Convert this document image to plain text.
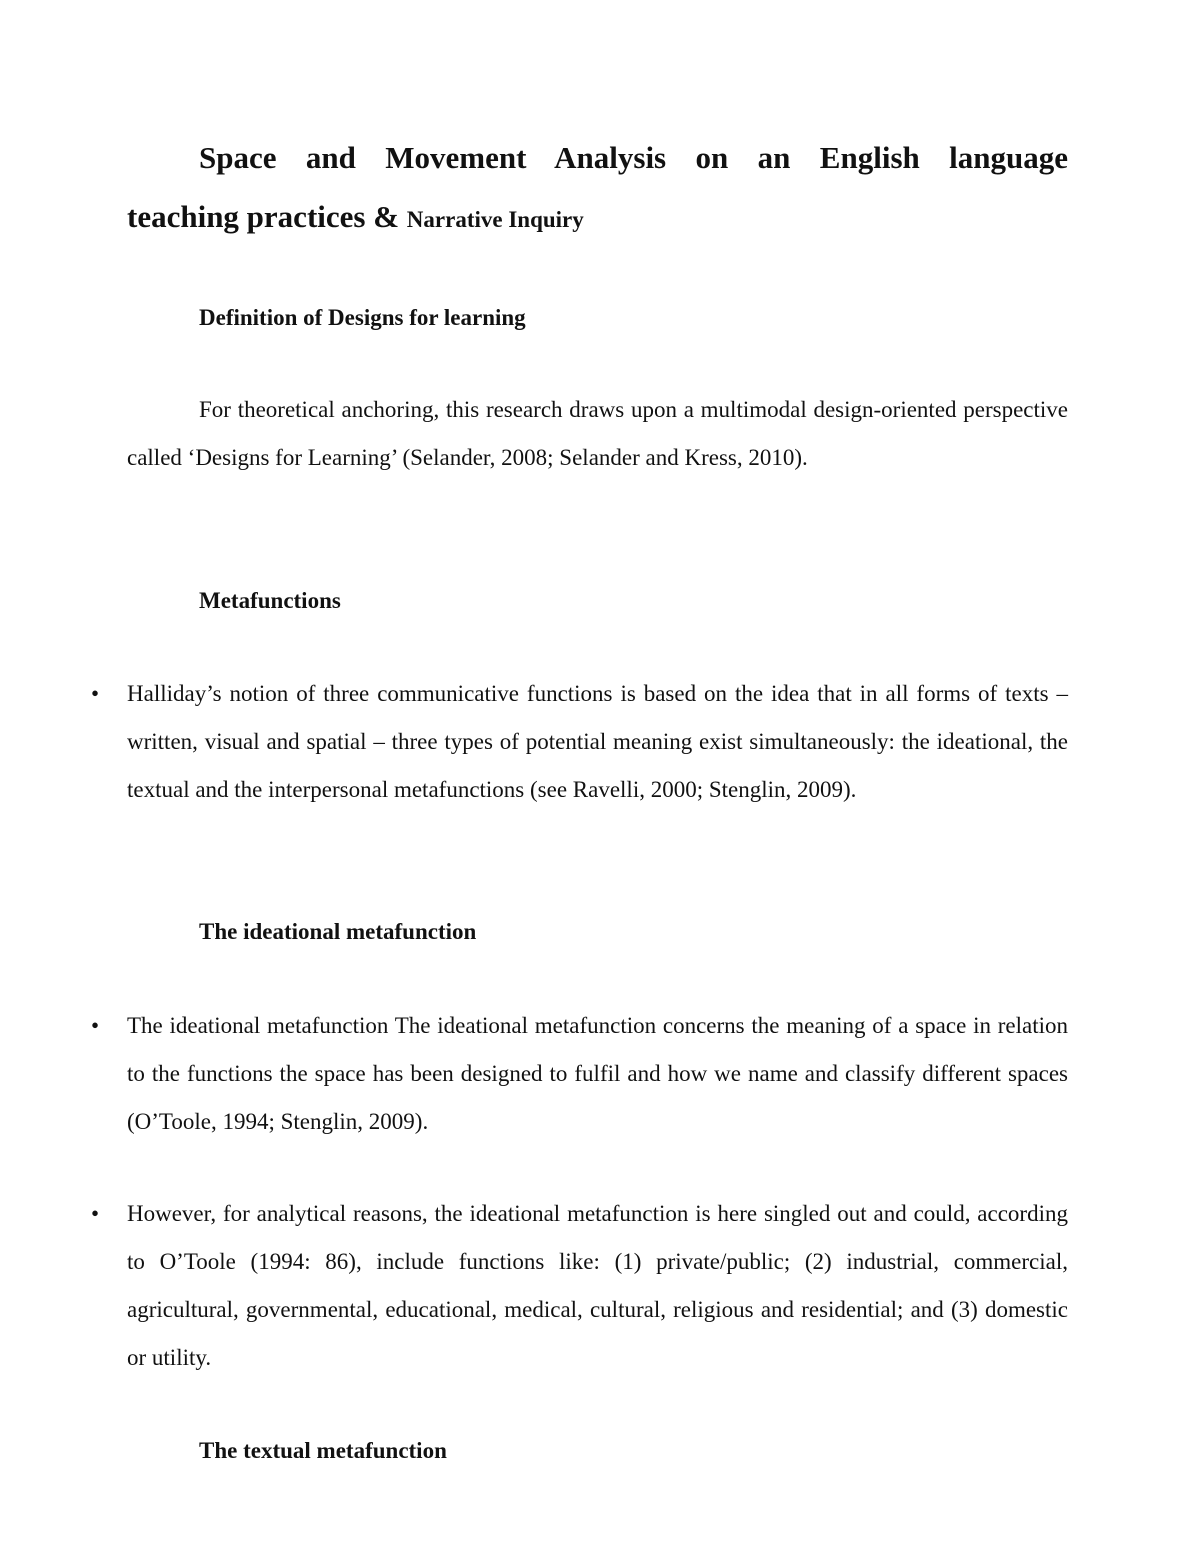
Space and Movement Analysis on an English language
teaching practices & Narrative Inquiry
Definition of Designs for learning
For theoretical anchoring, this research draws upon a multimodal design-oriented perspective called ‘Designs for Learning’ (Selander, 2008; Selander and Kress, 2010).
Metafunctions
• Halliday’s notion of three communicative functions is based on the idea that in all forms of texts – written, visual and spatial – three types of potential meaning exist simultaneously: the ideational, the textual and the interpersonal metafunctions (see Ravelli, 2000; Stenglin, 2009).
The ideational metafunction
• The ideational metafunction The ideational metafunction concerns the meaning of a space in relation to the functions the space has been designed to fulfil and how we name and classify different spaces (O’Toole, 1994; Stenglin, 2009).
• However, for analytical reasons, the ideational metafunction is here singled out and could, according to O’Toole (1994: 86), include functions like: (1) private/public; (2) industrial, commercial, agricultural, governmental, educational, medical, cultural, religious and residential; and (3) domestic or utility.
The textual metafunction
